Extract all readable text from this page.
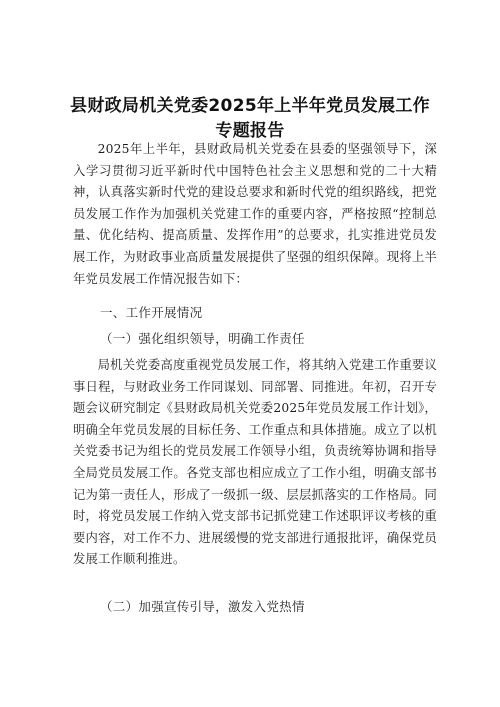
县财政局机关党委2025年上半年党员发展工作
专题报告

2025年上半年，县财政局机关党委在县委的坚强领导下，深入学习贯彻习近平新时代中国特色社会主义思想和党的二十大精神，认真落实新时代党的建设总要求和新时代党的组织路线，把党员发展工作作为加强机关党建工作的重要内容，严格按照“控制总量、优化结构、提高质量、发挥作用”的总要求，扎实推进党员发展工作，为财政事业高质量发展提供了坚强的组织保障。现将上半年党员发展工作情况报告如下：

一、工作开展情况
（一）强化组织领导，明确工作责任

局机关党委高度重视党员发展工作，将其纳入党建工作重要议事日程，与财政业务工作同谋划、同部署、同推进。年初，召开专题会议研究制定《县财政局机关党委2025年党员发展工作计划》，明确全年党员发展的目标任务、工作重点和具体措施。成立了以机关党委书记为组长的党员发展工作领导小组，负责统筹协调和指导全局党员发展工作。各党支部也相应成立了工作小组，明确支部书记为第一责任人，形成了一级抓一级、层层抓落实的工作格局。同时，将党员发展工作纳入党支部书记抓党建工作述职评议考核的重要内容，对工作不力、进展缓慢的党支部进行通报批评，确保党员发展工作顺利推进。

（二）加强宣传引导，激发入党热情
